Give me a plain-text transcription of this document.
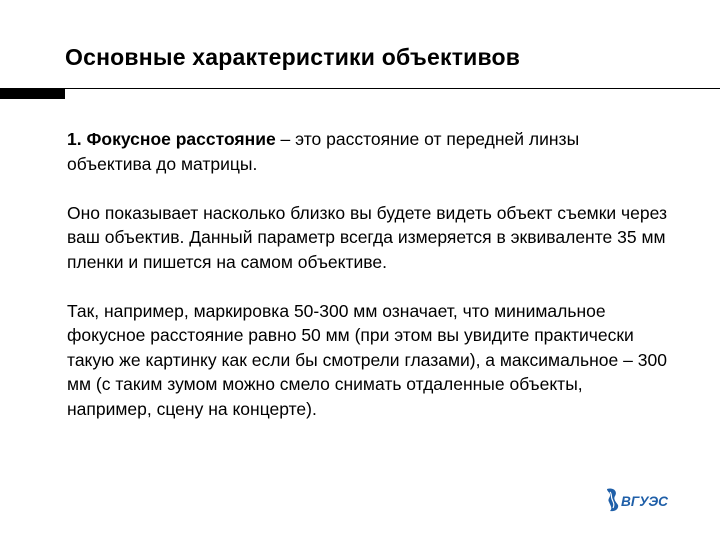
Основные характеристики объективов

1. Фокусное расстояние – это расстояние от передней линзы объектива до матрицы.

Оно показывает насколько близко вы будете видеть объект съемки через ваш объектив. Данный параметр всегда измеряется в эквиваленте 35 мм пленки и пишется на самом объективе.

Так, например, маркировка 50-300 мм означает, что минимальное фокусное расстояние равно 50 мм (при этом вы увидите практически такую же картинку как если бы смотрели глазами), а максимальное – 300 мм (с таким зумом можно смело снимать отдаленные объекты, например, сцену на концерте).

ВГУЭС
